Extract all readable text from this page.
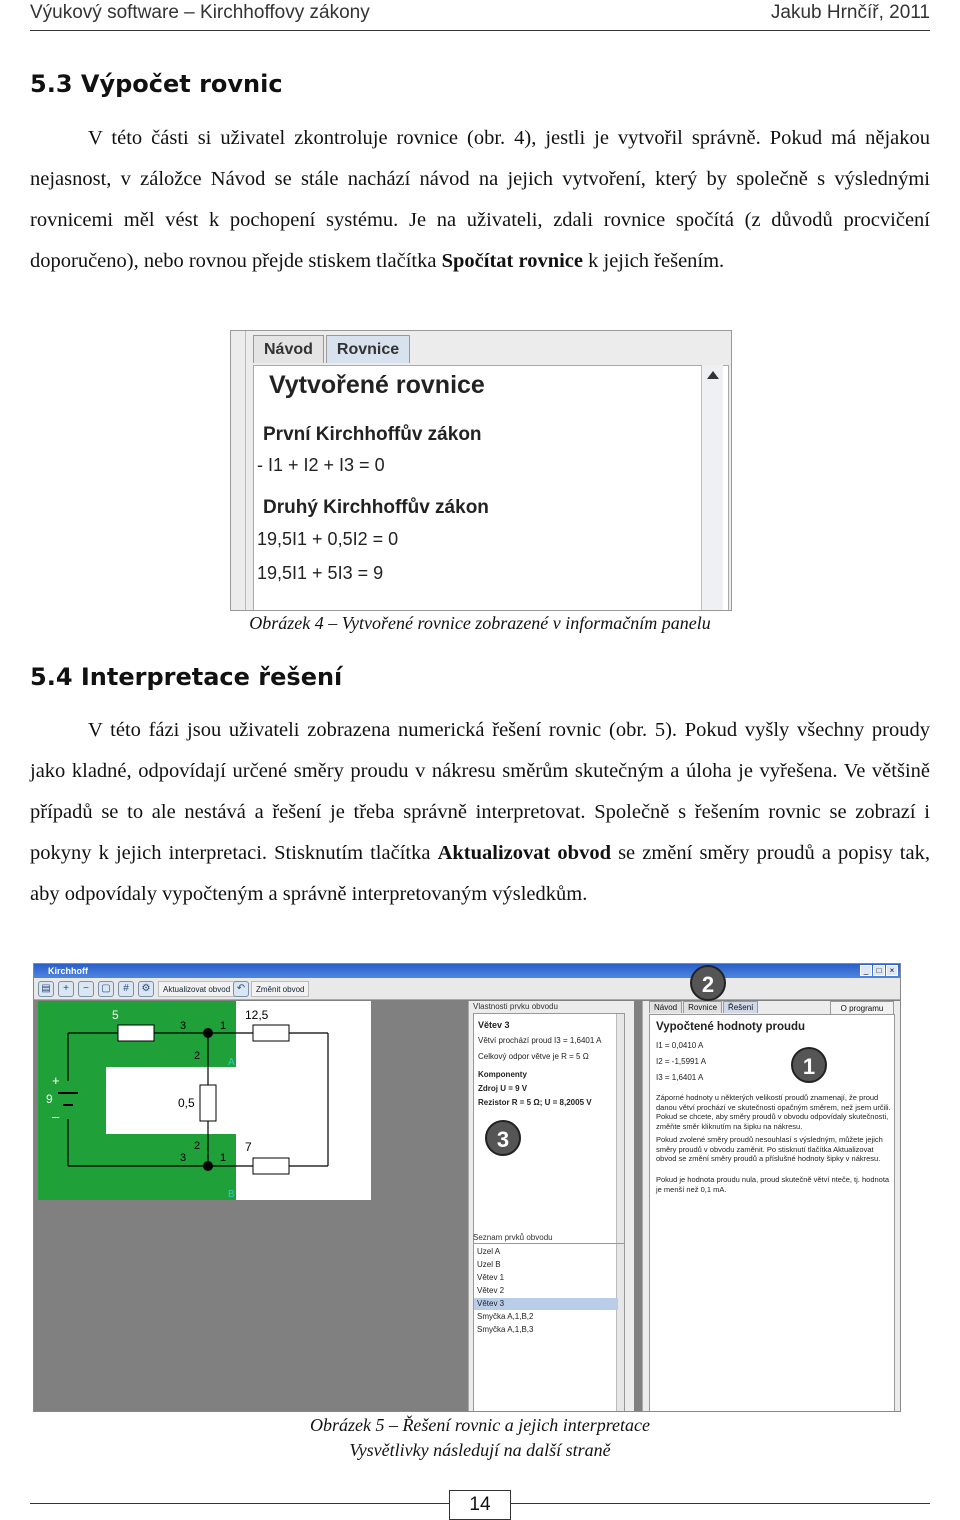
Výukový software – Kirchhoffovy zákony	Jakub Hrnčíř, 2011
5.3 Výpočet rovnic
V této části si uživatel zkontroluje rovnice (obr. 4), jestli je vytvořil správně. Pokud má nějakou nejasnost, v záložce Návod se stále nachází návod na jejich vytvoření, který by společně s výslednými rovnicemi měl vést k pochopení systému. Je na uživateli, zdali rovnice spočítá (z důvodů procvičení doporučeno), nebo rovnou přejde stiskem tlačítka Spočítat rovnice k jejich řešením.
Návod	Rovnice
Vytvořené rovnice
První Kirchhoffův zákon
- I1 + I2 + I3 = 0
Druhý Kirchhoffův zákon
19,5I1 + 0,5I2 = 0
19,5I1 + 5I3 = 9
Obrázek 4 – Vytvořené rovnice zobrazené v informačním panelu
5.4 Interpretace řešení
V této fázi jsou uživateli zobrazena numerická řešení rovnic (obr. 5). Pokud vyšly všechny proudy jako kladné, odpovídají určené směry proudu v nákresu směrům skutečným a úloha je vyřešena. Ve většině případů se to ale nestává a řešení je třeba správně interpretovat. Společně s řešením rovnic se zobrazí i pokyny k jejich interpretaci. Stisknutím tlačítka Aktualizovat obvod se změní směry proudů a popisy tak, aby odpovídaly vypočteným a správně interpretovaným výsledkům.
Kirchhoff	_	□	×
▤	+	−	▢	#	⚙	Aktualizovat obvod ↶	Změnit obvod
5	12,5
0,5
7
3	1
2
2
3	1
9
+
–
A
B
Vlastnosti prvku obvodu
Větev 3
Větví prochází proud I3 = 1,6401 A
Celkový odpor větve je R = 5 Ω
Komponenty
Zdroj U = 9 V
Rezistor R = 5 Ω; U = 8,2005 V
Seznam prvků obvodu
Uzel A
Uzel B
Větev 1
Větev 2
Větev 3
Smyčka A,1,B,2
Smyčka A,1,B,3
Návod	Rovnice	Řešení	O programu
Vypočtené hodnoty proudu
I1 = 0,0410 A
I2 = -1,5991 A
I3 = 1,6401 A
Záporné hodnoty u některých velikostí proudů znamenají, že proud danou větví prochází ve skutečnosti opačným směrem, než jsem určili. Pokud se chcete, aby směry proudů v obvodu odpovídaly skutečnosti, změňte směr kliknutím na šipku na nákresu.
Pokud zvolené směry proudů nesouhlasí s výsledným, můžete jejich směry proudů v obvodu zaměnit. Po stisknutí tlačítka Aktualizovat obvod se změní směry proudů a příslušné hodnoty šipky v nákresu.
Pokud je hodnota proudu nula, proud skutečně větví nteče, tj. hodnota je menší než 0,1 mA.
1
2
3
Obrázek 5 – Řešení rovnic a jejich interpretace
Vysvětlivky následují na další straně
14
